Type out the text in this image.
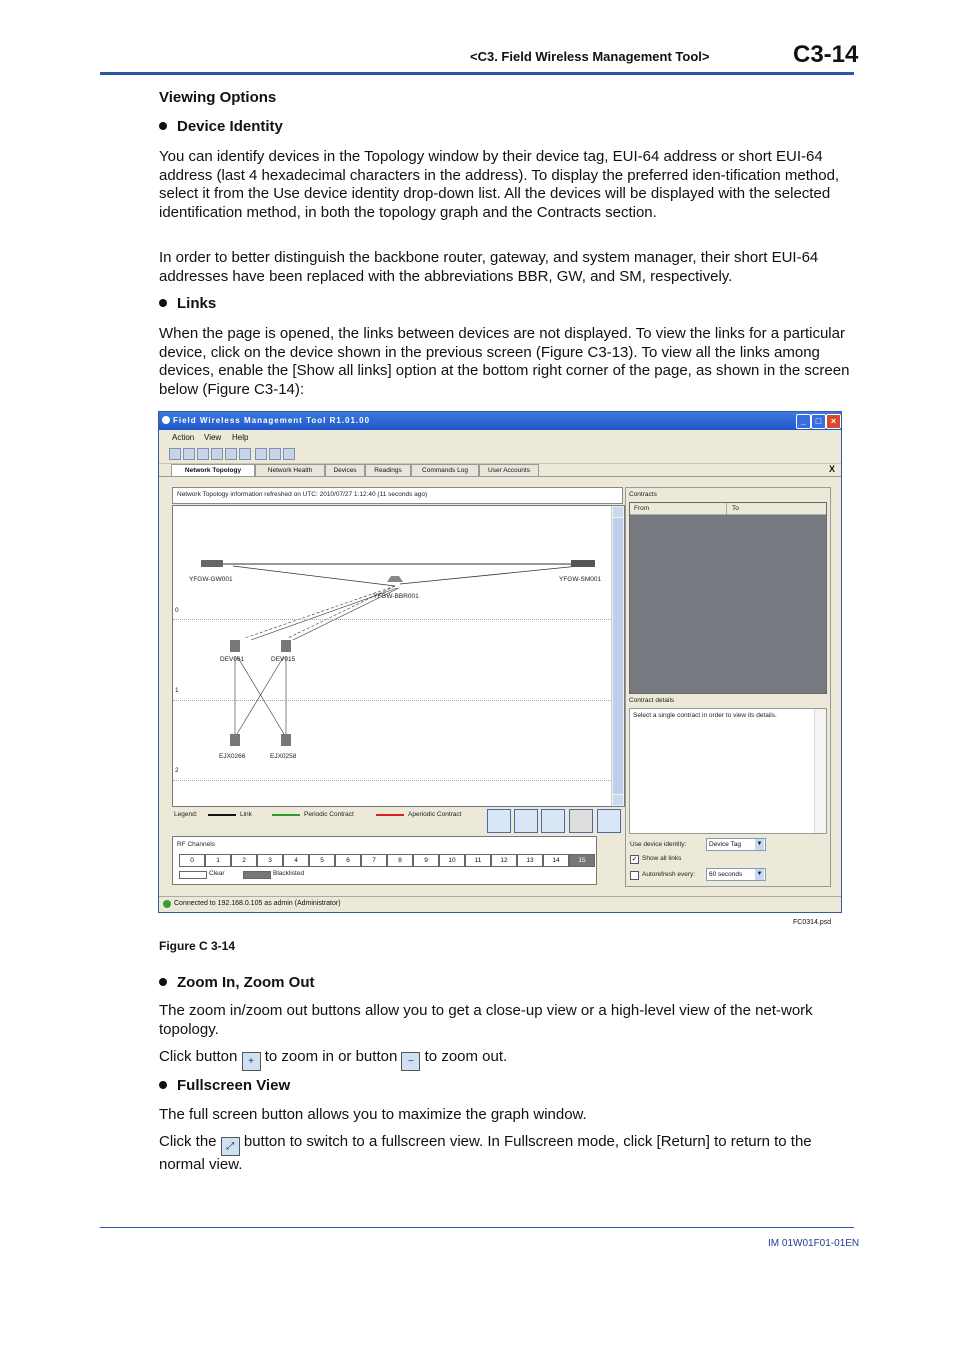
<C3. Field Wireless Management Tool>	C3-14
Viewing Options
Device Identity
You can identify devices in the Topology window by their device tag, EUI-64 address or short EUI-64 address (last 4 hexadecimal characters in the address). To display the preferred iden-tification method, select it from the Use device identity drop-down list. All the devices will be displayed with the selected identification method, in both the topology graph and the Contracts section.
In order to better distinguish the backbone router, gateway, and system manager, their short EUI-64 addresses have been replaced with the abbreviations BBR, GW, and SM, respectively.
Links
When the page is opened, the links between devices are not displayed. To view the links for a particular device, click on the device shown in the previous screen (Figure C3-13). To view all the links among devices, enable the [Show all links] option at the bottom right corner of the page, as shown in the screen below (Figure C3-14):
Field Wireless Management Tool R1.01.00	_	□	×
Action View Help
Network Topology	Network Health	Devices	Readings	Commands Log	User Accounts	X
Network Topology information refreshed on UTC: 2010/07/27 1:12:40 (11 seconds ago)
YFGW-GW001	YFGW-SM001
YFGW-BBR001
DEV061	DEV015
EJX0266	EJX0258
0
1
2
Legend:	Link	Periodic Contract	Aperiodic Contract
RF Channels
0	1	2	3	4	5	6	7	8	9	10	11	12	13	14	15
Clear	Blacklisted
Contracts
From	To
Contract details
Select a single contract in order to view its details.
Use device identity:	Device Tag	▼
✓ Show all links
Autorefresh every:	60 seconds	▼
Connected to 192.168.0.105 as admin (Administrator)
FC0314.psd
Figure C 3-14
Zoom In, Zoom Out
The zoom in/zoom out buttons allow you to get a close-up view or a high-level view of the net-work topology.
Click button + to zoom in or button − to zoom out.
Fullscreen View
The full screen button allows you to maximize the graph window.
Click the ⤢ button to switch to a fullscreen view. In Fullscreen mode, click [Return] to return to the normal view.
IM 01W01F01-01EN
